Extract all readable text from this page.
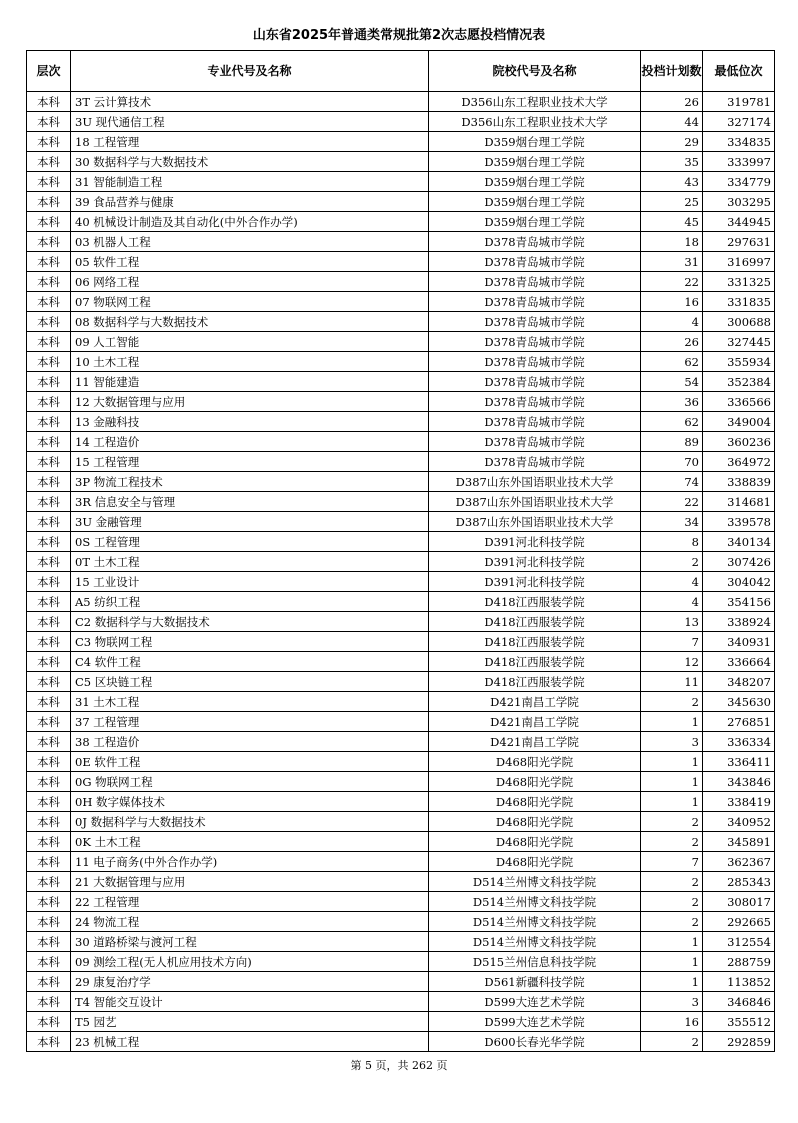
山东省2025年普通类常规批第2次志愿投档情况表
层次	专业代号及名称	院校代号及名称	投档计划数	最低位次
本科	3T 云计算技术	D356山东工程职业技术大学	26	319781
本科	3U 现代通信工程	D356山东工程职业技术大学	44	327174
本科	18 工程管理	D359烟台理工学院	29	334835
本科	30 数据科学与大数据技术	D359烟台理工学院	35	333997
本科	31 智能制造工程	D359烟台理工学院	43	334779
本科	39 食品营养与健康	D359烟台理工学院	25	303295
本科	40 机械设计制造及其自动化(中外合作办学)	D359烟台理工学院	45	344945
本科	03 机器人工程	D378青岛城市学院	18	297631
本科	05 软件工程	D378青岛城市学院	31	316997
本科	06 网络工程	D378青岛城市学院	22	331325
本科	07 物联网工程	D378青岛城市学院	16	331835
本科	08 数据科学与大数据技术	D378青岛城市学院	4	300688
本科	09 人工智能	D378青岛城市学院	26	327445
本科	10 土木工程	D378青岛城市学院	62	355934
本科	11 智能建造	D378青岛城市学院	54	352384
本科	12 大数据管理与应用	D378青岛城市学院	36	336566
本科	13 金融科技	D378青岛城市学院	62	349004
本科	14 工程造价	D378青岛城市学院	89	360236
本科	15 工程管理	D378青岛城市学院	70	364972
本科	3P 物流工程技术	D387山东外国语职业技术大学	74	338839
本科	3R 信息安全与管理	D387山东外国语职业技术大学	22	314681
本科	3U 金融管理	D387山东外国语职业技术大学	34	339578
本科	0S 工程管理	D391河北科技学院	8	340134
本科	0T 土木工程	D391河北科技学院	2	307426
本科	15 工业设计	D391河北科技学院	4	304042
本科	A5 纺织工程	D418江西服装学院	4	354156
本科	C2 数据科学与大数据技术	D418江西服装学院	13	338924
本科	C3 物联网工程	D418江西服装学院	7	340931
本科	C4 软件工程	D418江西服装学院	12	336664
本科	C5 区块链工程	D418江西服装学院	11	348207
本科	31 土木工程	D421南昌工学院	2	345630
本科	37 工程管理	D421南昌工学院	1	276851
本科	38 工程造价	D421南昌工学院	3	336334
本科	0E 软件工程	D468阳光学院	1	336411
本科	0G 物联网工程	D468阳光学院	1	343846
本科	0H 数字媒体技术	D468阳光学院	1	338419
本科	0J 数据科学与大数据技术	D468阳光学院	2	340952
本科	0K 土木工程	D468阳光学院	2	345891
本科	11 电子商务(中外合作办学)	D468阳光学院	7	362367
本科	21 大数据管理与应用	D514兰州博文科技学院	2	285343
本科	22 工程管理	D514兰州博文科技学院	2	308017
本科	24 物流工程	D514兰州博文科技学院	2	292665
本科	30 道路桥梁与渡河工程	D514兰州博文科技学院	1	312554
本科	09 测绘工程(无人机应用技术方向)	D515兰州信息科技学院	1	288759
本科	29 康复治疗学	D561新疆科技学院	1	113852
本科	T4 智能交互设计	D599大连艺术学院	3	346846
本科	T5 园艺	D599大连艺术学院	16	355512
本科	23 机械工程	D600长春光华学院	2	292859
第 5 页，共 262 页
